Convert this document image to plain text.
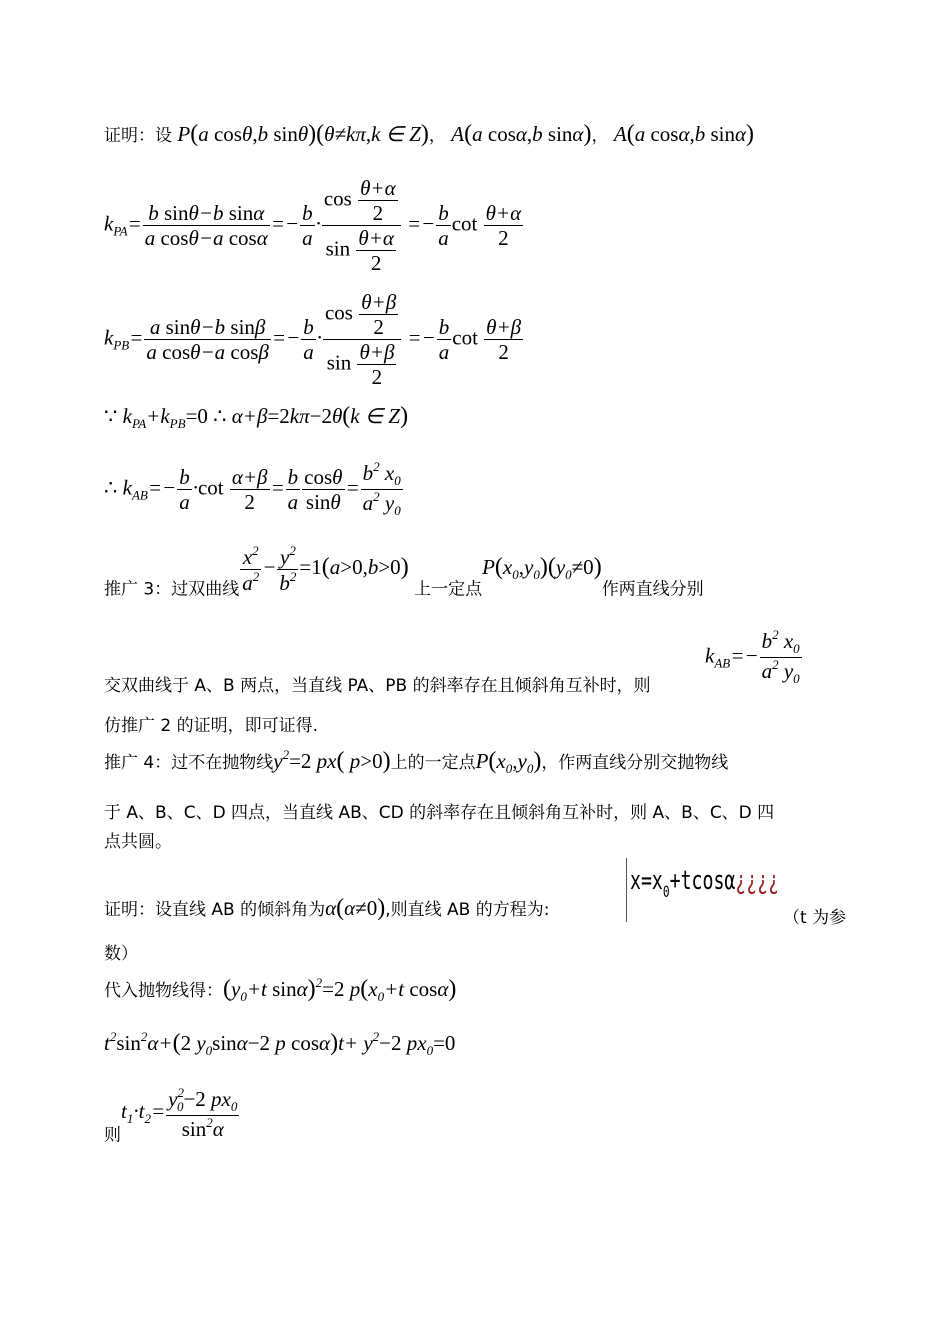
证明：设 P(a cosθ,b sinθ)(θ≠kπ,k ∈ Z)， A(a cosα,b sinα)， A(a cosα,b sinα)
$k_{PA}= \frac{\text{b sinθ−b sinα}}{\text{a cosθ−a cosα}} =- \frac{b}{a} \cdot \frac{\cos \frac{\theta+\alpha}{2}}{\sin \frac{\theta+\alpha}{2}} =- \frac{b}{a}$ $\cot \frac{\theta+\alpha}{2}$
$k_{PB}= \frac{\text{a sinθ−b sinβ}}{\text{a cosθ−a cosβ}} =- \frac{b}{a} \cdot \frac{\cos \frac{\theta+\beta}{2}}{\sin \frac{\theta+\beta}{2}} =- \frac{b}{a}$ $\cot \frac{\theta+\beta}{2}$
∵ $k_{PA}+k_{PB}=0$ ∴ α+β=2kπ−2θ(k ∈ Z)
∴ $k_{AB}=- \frac{b}{a} \cdot\cot \frac{\alpha+\beta}{2} = \frac{b}{a} \frac{\cos\theta}{\sin\theta} = \frac{b^2 x_0}{a^2 y_0}$
推广 3：过双曲线 $\frac{x^2}{a^2} - \frac{y^2}{b^2} =1(a>0,b>0)$ 上一定点$P(x_0,y_0)(y_0\ne 0)$作两直线分别
交双曲线于 A、B 两点，当直线 PA、PB 的斜率存在且倾斜角互补时，则
$k_{AB}=- \frac{b^2 x_0}{a^2 y_0}$
仿推广 2 的证明，即可证得.
推广 4：过不在抛物线$y^2=2$ px( p>0)上的一定点$P(x_0,y_0)$，作两直线分别交抛物线
于 A、B、C、D 四点，当直线 AB、CD 的斜率存在且倾斜角互补时，则 A、B、C、D 四
点共圆。
证明：设直线 AB 的倾斜角为α(α≠0),则直线 AB 的方程为:
$x=x_0+tcos\alpha¿¿¿¿$
（t 为参
数）
代入抛物线得：($y_0+t$ sinα)$^2$=2 $p(x_0+t$ cosα)
$t^2\sin^2\alpha+(2$ $y_0\sin\alpha-2$ p $\cos\alpha)t+ y^2-2$ $px_0=0$
则$t_1\cdot t_2= \frac{y^2_0-2 px_0}{\sin^2\alpha}$
